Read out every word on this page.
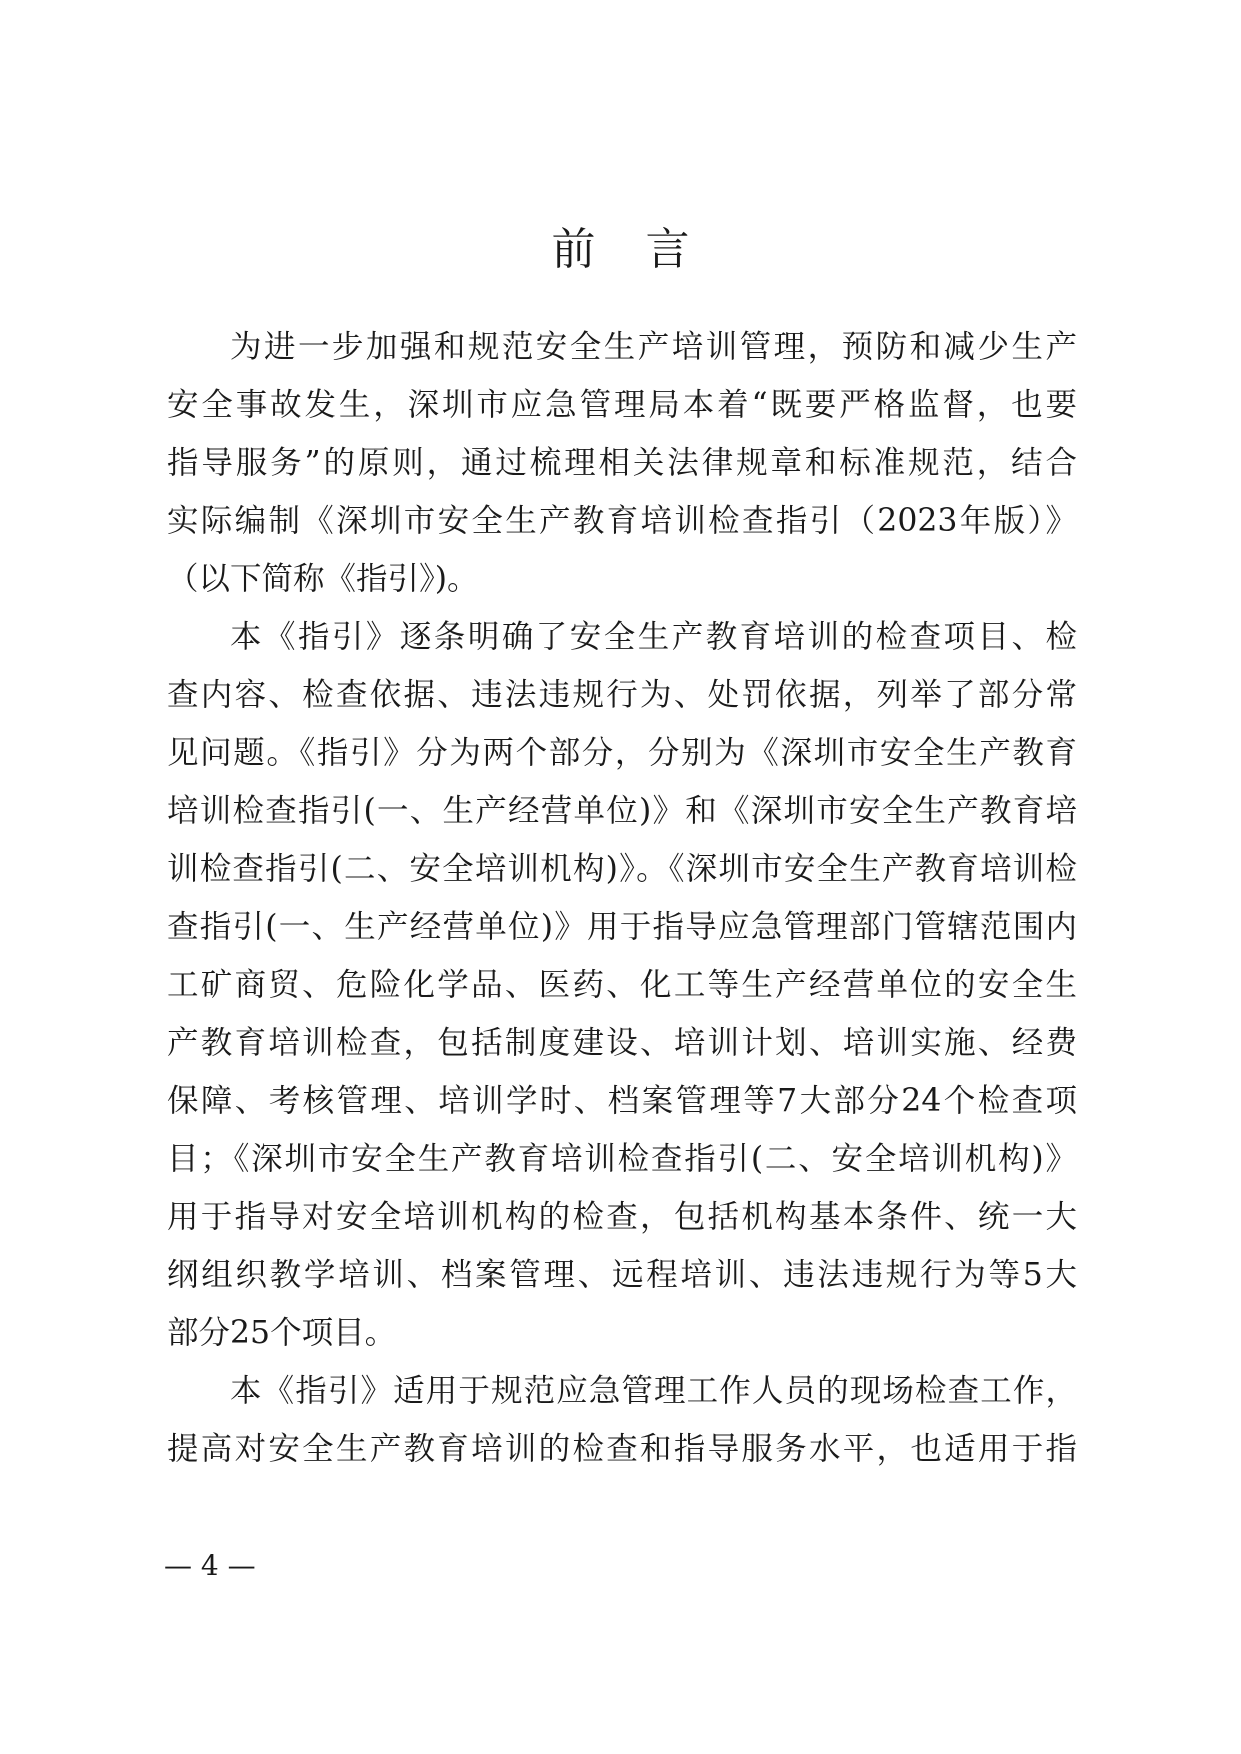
前 言

为进一步加强和规范安全生产培训管理，预防和减少生产

安全事故发生，深圳市应急管理局本着“既要严格监督，也要

指导服务”的原则，通过梳理相关法律规章和标准规范，结合

实际编制《深圳市安全生产教育培训检查指引（2023年版）》

（以下简称《指引》)。

本《指引》逐条明确了安全生产教育培训的检查项目、检

查内容、检查依据、违法违规行为、处罚依据，列举了部分常

见问题。《指引》分为两个部分，分别为《深圳市安全生产教育

培训检查指引(一、生产经营单位)》和《深圳市安全生产教育培

训检查指引(二、安全培训机构)》。《深圳市安全生产教育培训检

查指引(一、生产经营单位)》用于指导应急管理部门管辖范围内

工矿商贸、危险化学品、医药、化工等生产经营单位的安全生

产教育培训检查，包括制度建设、培训计划、培训实施、经费

保障、考核管理、培训学时、档案管理等7大部分24个检查项

目；《深圳市安全生产教育培训检查指引(二、安全培训机构)》

用于指导对安全培训机构的检查，包括机构基本条件、统一大

纲组织教学培训、档案管理、远程培训、违法违规行为等5大

部分25个项目。

本《指引》适用于规范应急管理工作人员的现场检查工作，

提高对安全生产教育培训的检查和指导服务水平，也适用于指

— 4 —
